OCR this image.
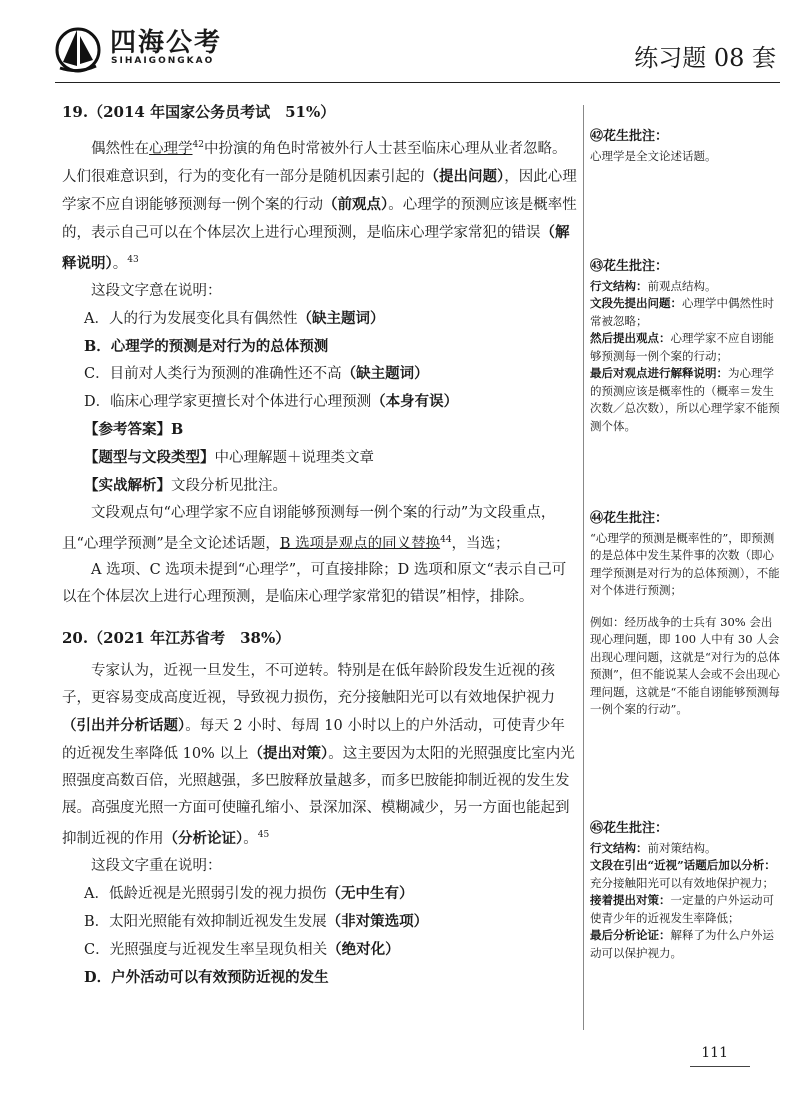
四海公考
SIHAIGONGKAO	练习题 08 套

19.（2014 年国家公务员考试　51%）

偶然性在心理学$^{42}$中扮演的角色时常被外行人士甚至临床心理从业者忽略。人们很难意识到，行为的变化有一部分是随机因素引起的（提出问题），因此心理学家不应自诩能够预测每一例个案的行动（前观点）。心理学的预测应该是概率性的，表示自己可以在个体层次上进行心理预测，是临床心理学家常犯的错误（解释说明）。$^{43}$

这段文字意在说明：

A．人的行为发展变化具有偶然性（缺主题词）

B．心理学的预测是对行为的总体预测

C．目前对人类行为预测的准确性还不高（缺主题词）

D．临床心理学家更擅长对个体进行心理预测（本身有误）

【参考答案】B

【题型与文段类型】中心理解题＋说理类文章

【实战解析】文段分析见批注。

文段观点句“心理学家不应自诩能够预测每一例个案的行动”为文段重点，且“心理学预测”是全文论述话题，B 选项是观点的同义替换$^{44}$，当选；

A 选项、C 选项未提到“心理学”，可直接排除；D 选项和原文“表示自己可以在个体层次上进行心理预测，是临床心理学家常犯的错误”相悖，排除。

20.（2021 年江苏省考　38%）

专家认为，近视一旦发生，不可逆转。特别是在低年龄阶段发生近视的孩子，更容易变成高度近视，导致视力损伤，充分接触阳光可以有效地保护视力（引出并分析话题）。每天 2 小时、每周 10 小时以上的户外活动，可使青少年的近视发生率降低 10% 以上（提出对策）。这主要因为太阳的光照强度比室内光照强度高数百倍，光照越强，多巴胺释放量越多，而多巴胺能抑制近视的发生发展。高强度光照一方面可使瞳孔缩小、景深加深、模糊减少，另一方面也能起到抑制近视的作用（分析论证）。$^{45}$

这段文字重在说明：

A．低龄近视是光照弱引发的视力损伤（无中生有）

B．太阳光照能有效抑制近视发生发展（非对策选项）

C．光照强度与近视发生率呈现负相关（绝对化）

D．户外活动可以有效预防近视的发生

㊷花生批注：

心理学是全文论述话题。

㊸花生批注：

行文结构：前观点结构。

文段先提出问题：心理学中偶然性时常被忽略；

然后提出观点：心理学家不应自诩能够预测每一例个案的行动；

最后对观点进行解释说明：为心理学的预测应该是概率性的（概率＝发生次数／总次数），所以心理学家不能预测个体。

㊹花生批注：

“心理学的预测是概率性的”，即预测的是总体中发生某件事的次数（即心理学预测是对行为的总体预测），不能对个体进行预测；

例如：经历战争的士兵有 30% 会出现心理问题，即 100 人中有 30 人会出现心理问题，这就是“对行为的总体预测”，但不能说某人会或不会出现心理问题，这就是“不能自诩能够预测每一例个案的行动”。

㊺花生批注：

行文结构：前对策结构。

文段在引出“近视”话题后加以分析：充分接触阳光可以有效地保护视力；

接着提出对策：一定量的户外运动可使青少年的近视发生率降低；

最后分析论证：解释了为什么户外运动可以保护视力。

111
